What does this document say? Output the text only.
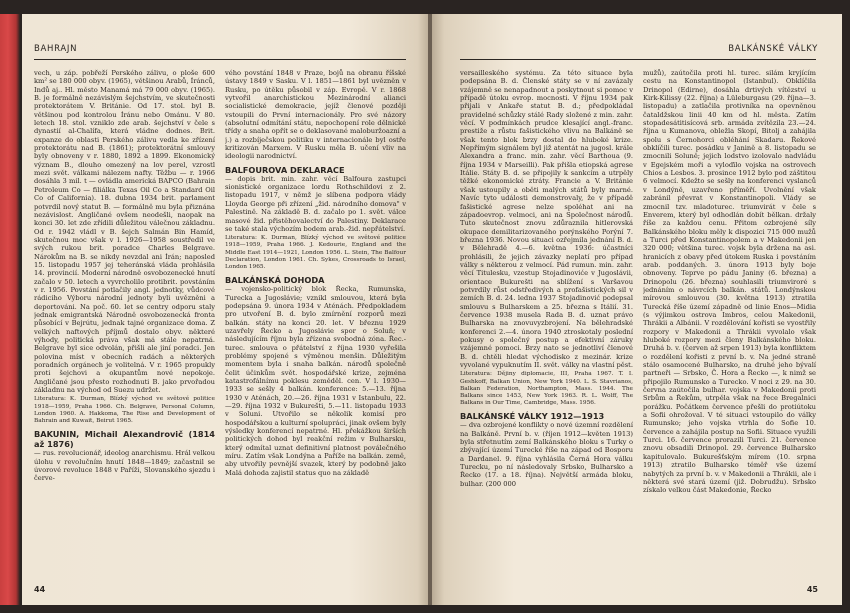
BAHRAJN

vech, u záp. pobřeží Perského zálivu, o ploše 600 km² se 180 000 obyv. (1965), většinou Arabů, Íránců, Indů aj.. Hl. město Manamá má 79 000 obyv. (1965). B. je formálně nezávislým šejchstvím, ve skutečnosti protektorátem V. Británie. Od 17. stol. byl B. většinou pod kontrolou Íránu nebo Ománu. V 80. letech 18. stol. vzniklo zde arab. šejchství v čele s dynastií al-Chalífa, která vládne dodnes. Brit. expanze do oblasti Perského zálivu vedla ke zřízení protektorátu nad B. (1861); protektorátní smlouvy byly obnoveny v r. 1880, 1892 a 1899. Ekonomický význam B., dlouho omezený na lov perel, vzrostl mezi svět. válkami nálezem nafty. Těžbu — r. 1966 dosáhla 3 mil. t — ovládla americká BAPCO (Bahrain Petroleum Co — filiálka Texas Oil Co a Standard Oil Co of California). 18. dubna 1934 brit. parlament potvrdil nový statut B. — formálně mu byla přiznána nezávislost. Angličané ovšem neodešli, naopak na konci 30. let zde zřídili důležitou válečnou základnu. Od r. 1942 vládl v B. šejch Salmán Bin Hamíd, skutečnou moc však v l. 1926—1958 soustředil ve svých rukou brit. poradce Charles Belgrave. Nárokům na B. se nikdy nevzdal ani Írán; naposled 15. listopadu 1957 jej teheránská vláda prohlásila 14. provincií. Moderní národně osvobozenecké hnutí začalo v 50. letech a vyvrcholilo protibrit. povstáním v r. 1956. Povstání potlačily angl. jednotky, vůdcové rádiciho Výboru národní jednoty byli uvězněni a deportováni. Na poč. 60. let se centry odporu staly jednak emigrantská Národně osvobozenecká fronta působící v Bejrútu, jednak tajné organizace doma. Z velkých naftových příjmů dostalo obyv. některé výhody, politická práva však má stále nepatrná. Belgrave byl sice odvolán, přišli ale jiní poradci. Jen polovina míst v obecních radách a některých poradních orgánech je volitelná. V r. 1965 propukly proti šejchovi a okupantům nové nepokoje. Angličané jsou přesto rozhodnuti B. jako prvořadou základnu na východ od Suezu udržet.

Literatura: K. Durman, Blízký východ ve světové politice 1918—1959, Praha 1966. Ch. Belgrave, Personal Column, London 1960. A. Hakkoma, The Rise and Development of Bahrain and Kuwait, Beirut 1965.

BAKUNIN, Michail Alexandrovič (1814 až 1876)

— rus. revolucionář, ideolog anarchismu. Hrál velkou úlohu v revolučním hnutí 1848—1849; začastnil se úvorové revoluce 1848 v Paříži, Slovanského sjezdu i červe-

vého povstání 1848 v Praze, bojů na obranu říšské ústavy 1849 v Sasku. V l. 1851—1861 byl uvězněn v Rusku, po útěku působil v záp. Evropě. V r. 1868 vytvořil anarchistickou Mezinárodní alianci socialistické demokracie, jejíž členové později vstoupili do První internacionály. Pro své názory (absolutní odmítání státu, nepochopení role dělnické třídy a snaha opřít se o deklasované maloburžoazní a j.) a rozbíječskou politiku v internacionále byl ostře kritizován Marxem. V Rusku měla B. učení vliv na ideologii narodnictví.

BALFOUROVA DEKLARACE

— dopis brit. min. zahr. věcí Balfoura zastupci sionistické organizace lordu Rothschildovi z 2. listopadu 1917, v němž je slíbena podpora vlády Lloyda George při zřízení „žid. národního domova" v Palestině. Na základě B. d. začalo po 1. svět. válce masové žid. přistěhovalectví do Palestiny. Deklarace se také stala výchozím bodem arab.-žid. nepřátelství.

Literatura: K. Durman, Blízký východ ve světové politice 1918—1959, Praha 1966. J. Kedourie, England and the Middle East 1914—1921, London 1956. L. Stein, The Balfour Declaration, London 1961. Ch. Sykes, Crossroads to Israel, London 1965.

BALKÁNSKÁ DOHODA

— vojensko-politický blok Řecka, Rumunska, Turecka a Jugoslávie; vznikl smlouvou, která byla podepsána 9. února 1934 v Aténách. Předpokladem pro utvoření B. d. bylo zmírnění rozporů mezi balkán. státy na konci 20. let. V březnu 1929 uzavřely Řecko a Jugoslávie spor o Soluň; v následujícím říjnu byla zřízena svobodná zóna. Řec.-turec. smlouva o přátelství z října 1930 vyřešila problémy spojené s výměnou menšin. Důležitým momentem byla i snaha balkán. národů společně čelit účinkům svět. hospodářské krize, zejména katastrofálnímu poklesu zeměděl. cen. V l. 1930—1933 se sešly 4 balkán. konference: 5.—13. října 1930 v Aténách, 20.—26. října 1931 v Istanbulu, 22.—29. října 1932 v Bukurešti, 5.—11. listopadu 1933 v Soluni. Utvořilo se několik komisí pro hospodářskou a kulturní spolupráci, jinak ovšem byly výsledky konferencí nepatrné. Hl. překážkou širších politických dohod byl reakční režim v Bulharsku, který odmítal uznat definitivní platnost poválečného míru. Zatím však Londýna a Paříže na balkán. země, aby utvořily pevnější svazek, který by podobně jako Malá dohoda zajistil status quo na základě

44
BALKÁNSKÉ VÁLKY

versailleského systému. Za této situace byla podepsána B. d. Členské státy se v ní zavázaly vzájemně se nenapadnout a poskytnout si pomoc v případě útoku evrop. mocnosti. V říjnu 1934 pak přijali v Ankaře statut B. d.; předpokládal pravidelné schůzky stálé Rady složené z min. zahr. věcí. V podmínkách prudce klesající angl.-franc. prestiže a růstu fašistického vlivu na Balkáně se však tento blok brzy dostal do hluboké krize. Nepřímým signálem byl již atentát na jugosl. krále Alexandra a franc. min. zahr. věcí Barthoua (9. října 1934 v Marseilli). Pak přišla etiopská agrese Itálie. Státy B. d. se připojily k sankcím a utrpěly těžké ekonomické ztráty. Francie a V. Británie však ustoupily a oběti malých států byly marné. Navíc tyto události demonstrovaly, že v případě fašistické agrese nelze spoléhat ani na západoevrop. velmoci, ani na Společnost národů. Tuto skutečnost znovu zdůraznila hitlerovská okupace demilitarizovaného porýnského Porýní 7. března 1936. Novou situaci ozřejmila jednání B. d. v Bělehradě 4.—6. května 1936: účastníci prohlásili, že jejich závazky neplatí pro případ války s některou z velmocí. Pád rumun. min. zahr. věcí Titulesku, vzestup Stojadinoviće v Jugoslávii, orientace Bukurešti na sblížení s Varšavou potvrdily růst odstředivých a profašistických sil v zemích B. d. 24. ledna 1937 Stojadinović podepsal smlouvu s Bulharskem a 25. března s Itálií. 31. července 1938 musela Rada B. d. uznat právo Bulharska na znovuvyzbrojení. Na bělehradské konferenci 2.—4. února 1940 ztroskotaly poslední pokusy o společný postup a efektivní záruky vzájemné pomoci. Brzy nato se jednotliví členové B. d. chtěli hledat východisko z mezinár. krize vyvolané vypuknutím II. svět. války na vlastní pěst.

Literatura: Dějiny diplomacie, III, Praha 1967. T. I. Geshkoff, Balkan Union, New York 1940. L. S. Stavrianos, Balkan Federation, Northampton, Mass. 1944. The Balkans since 1453, New York 1963. R. L. Wolff, The Balkans in Our Time, Cambridge, Mass. 1956.

BALKÁNSKÉ VÁLKY 1912—1913

— dva ozbrojené konflikty o nové územní rozdělení na Balkáně. První b. v. (říjen 1912—květen 1913) byla střetnutím zemí Balkánského bloku s Turky o zbývající území Turecké říše na západ od Bosporu a Dardanel. 9. října vyhlásila Černá Hora válku Turecku, po ní následovaly Srbsko, Bulharsko a Řecko (17. a 18. října). Největší armáda bloku, bulhar. (200 000

mužů), zaútočila proti hl. turec. silám kryjícím cestu na Konstantinopol (Istanbul). Obklíčila Drinopol (Edirne), dosáhla drtivých vítězství u Kirk-Kilissy (22. října) a Lüleburgasu (29. října—3. listopadu) a zatlačila protivníka na opevněnou čataldžskou linii 40 km od hl. města. Zatím stopadesátitisícová srb. armáda zvítězila 23.—24. října u Kumanova, obležla Skopí, Bitolj a zahájila spolu s Černohorci obléhání Skadaru. Řekové obklíčili turec. posádku v Janině a 8. listopadu se zmocnili Soluně; jejich lodstvo izolovalo nadvládu v Egejském moři a vyloďilo vojska na ostrovech Chios a Lesbos. 3. prosince 1912 bylo pod záštitou 6 velmocí. Kdežto se sešly na konferenci vyslanců v Londýně, uzavřeno příměří. Uvolnění však zabránil převrat v Konstantinopoli. Vlády se zmocnil tzv. mladoturec. triumvirát v čele s Enverem, který byl odhodlán dobít bělkan. držaly říše za každou cenu. Přitom ozbrojené síly Balkánského bloku měly k dispozici 715 000 mužů a Turci před Konstantinopolem a v Makedonii jen 320 000; většina turec. vojsk byla držena na asi. hranicích z obavy před útokem Ruska i povstáním arab. poddaných. 3. února 1913 byly boje obnoveny. Teprve po pádu Janiny (6. března) a Drinopolu (26. března) souhlasili triumviroré s jednáním o návrcích balkán. států. Londýnskou mírovou smlouvou (30. května 1913) ztratila Turecká říše území západně od linie Enos—Midia (s výjimkou ostrova Imbros, celou Makedonii, Thrákii a Albánii. V rozdělování kořisti se vyostřily rozpory v Makedonii a Thrákii vyvolalo však hluboké rozpory mezi členy Balkánského bloku. Druhá b. v. (červen až srpen 1913) byla konfliktem o rozdělení kořisti z první b. v. Na jedné straně stálo osamocené Bulharsko, na druhé jeho bývalí partneři — Srbsko, Č. Hora a Řecko —, k nimž se připojilo Rumunsko a Turecko. V noci z 29. na 30. června zaútočila bulhar. vojska v Makedonii proti Srbům a Řekům, utrpěla však na řece Bregalnici porážku. Počátkem července přešli do protiútoku a Sofii ohrožoval. V té situaci vstoupilo do války Rumunsko; jeho vojska vtrhla do Sofie 10. července a zahájila postup na Sofii. Situace využili Turci. 16. července prorazili Turci. 21. července znovu obsadili Drinopol. 29. července Bulharsko kapitulovalo. Bukurešťským mírem (10. srpna 1913) ztratilo Bulharsko téměř vše území nabytých za první b. v. v Makedonii a Thrákii, ale i některá své stará území (již. Dobrudžu). Srbsko získalo velkou část Makedonie, Řecko

45
